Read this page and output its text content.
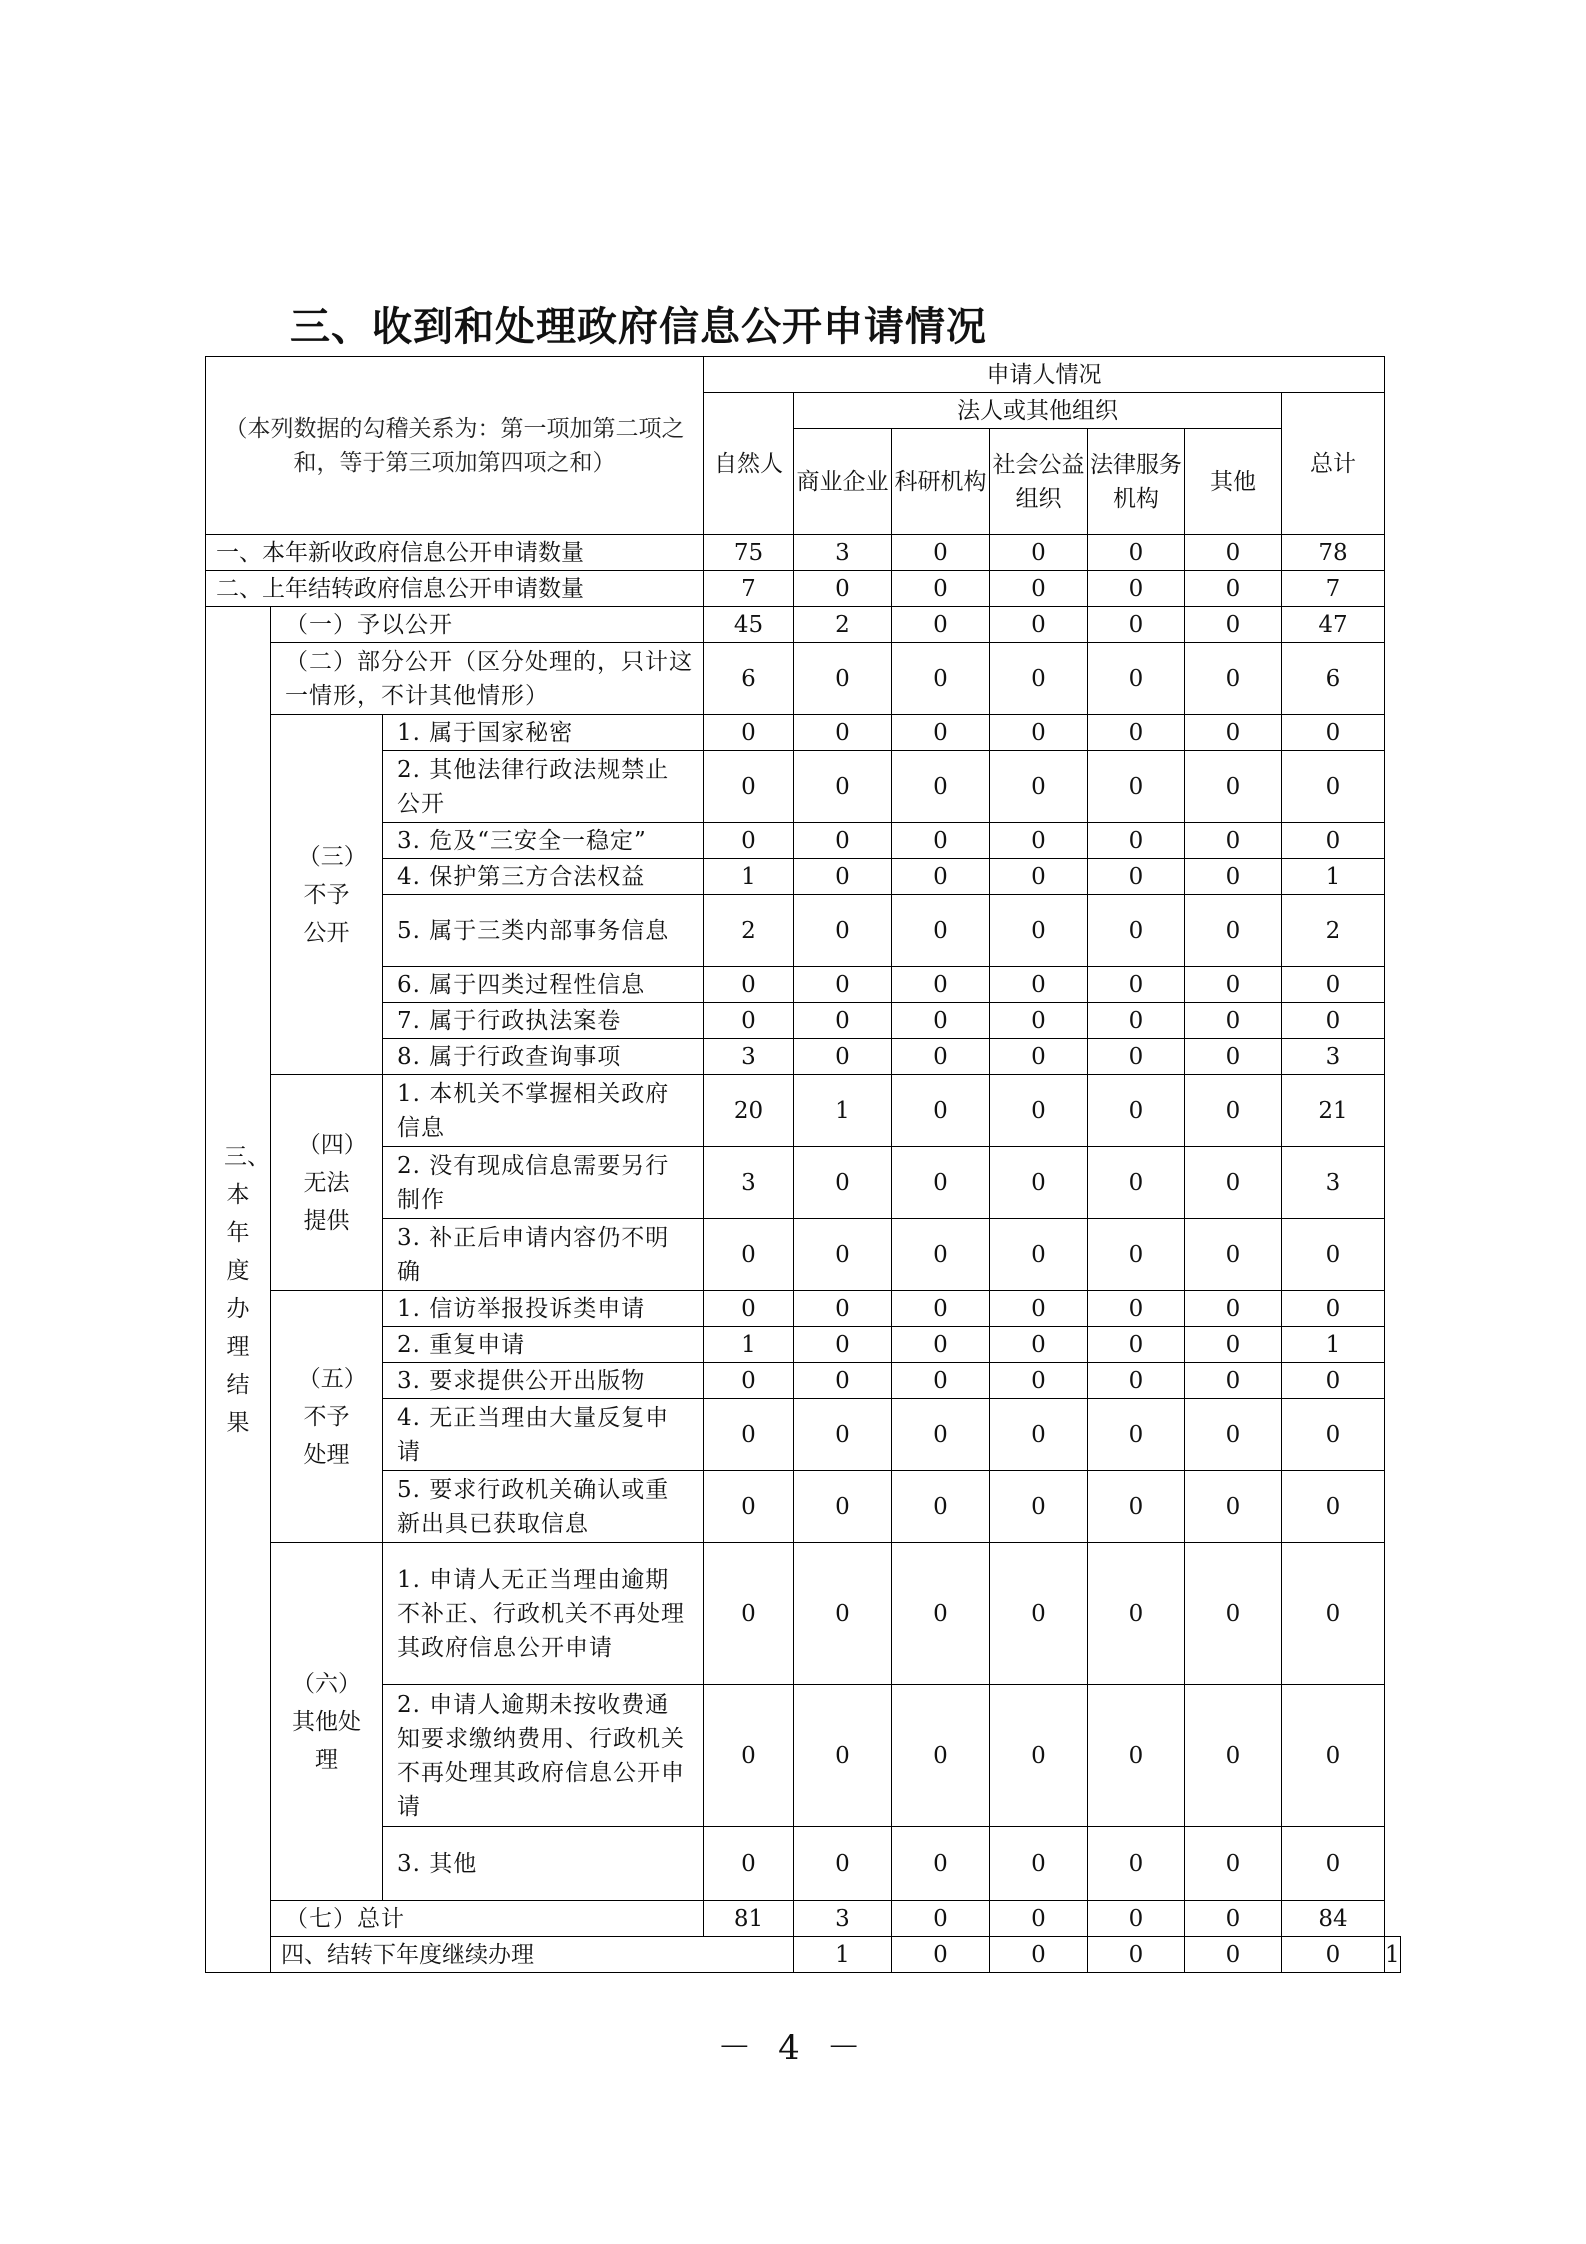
三、收到和处理政府信息公开申请情况
（本列数据的勾稽关系为：第一项加第二项之和，等于第三项加第四项之和）			申请人情况							
			自然人	法人或其他组织					总计	
				商业企业	科研机构	社会公益组织	法律服务机构	其他		
一、本年新收政府信息公开申请数量			75	3	0	0	0	0	78	
二、上年结转政府信息公开申请数量			7	0	0	0	0	0	7	

三、本年度办理结果	（一）予以公开		45	2	0	0	0	0	47	
	（二）部分公开（区分处理的，只计这一情形，不计其他情形）		6	0	0	0	0	0	6	

	（三）不予公开	1. 属于国家秘密	0	0	0	0	0	0	0	
		2. 其他法律行政法规禁止公开	0	0	0	0	0	0	0	
		3. 危及“三安全一稳定”	0	0	0	0	0	0	0	
		4. 保护第三方合法权益	1	0	0	0	0	0	1	
		5. 属于三类内部事务信息	2	0	0	0	0	0	2	
		6. 属于四类过程性信息	0	0	0	0	0	0	0	
		7. 属于行政执法案卷	0	0	0	0	0	0	0	
		8. 属于行政查询事项	3	0	0	0	0	0	3	

	（四）无法提供	1. 本机关不掌握相关政府信息	20	1	0	0	0	0	21	
		2. 没有现成信息需要另行制作	3	0	0	0	0	0	3	
		3. 补正后申请内容仍不明确	0	0	0	0	0	0	0	

	（五）不予处理	1. 信访举报投诉类申请	0	0	0	0	0	0	0	
		2. 重复申请	1	0	0	0	0	0	1	
		3. 要求提供公开出版物	0	0	0	0	0	0	0	
		4. 无正当理由大量反复申请	0	0	0	0	0	0	0	
		5. 要求行政机关确认或重新出具已获取信息	0	0	0	0	0	0	0	

	（六）其他处理	1. 申请人无正当理由逾期不补正、行政机关不再处理其政府信息公开申请	0	0	0	0	0	0	0	
		2. 申请人逾期未按收费通知要求缴纳费用、行政机关不再处理其政府信息公开申请	0	0	0	0	0	0	0	
		3. 其他	0	0	0	0	0	0	0	
	（七）总计		81	3	0	0	0	0	84	
	四、结转下年度继续办理			1	0	0	0	0	0	1
－ 4 －
